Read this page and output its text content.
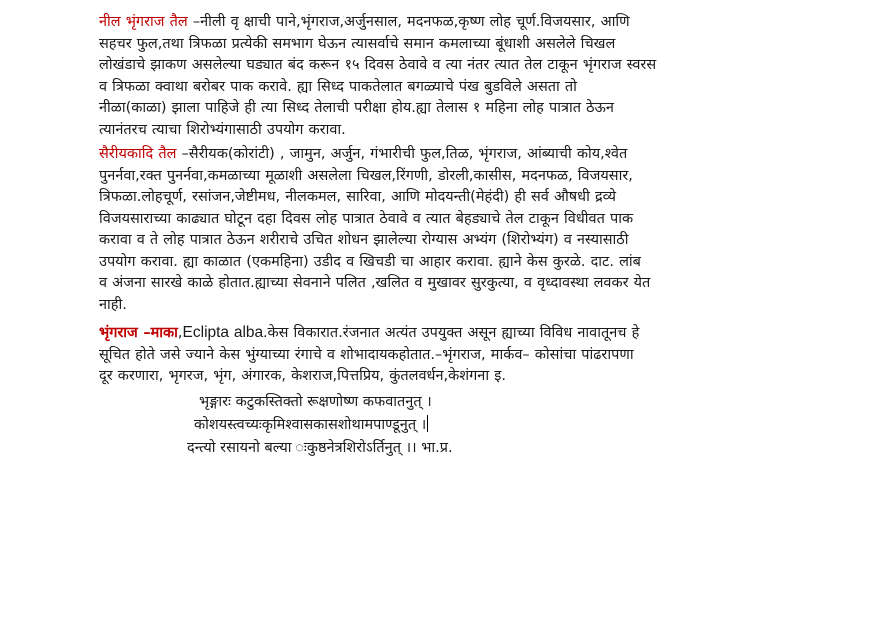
नील भृंगराज तैल –नीली वृ क्षाची पाने,भृंगराज,अर्जुनसाल, मदनफळ,कृष्ण लोह चूर्ण.विजयसार, आणि
सहचर फुल,तथा त्रिफळा प्रत्येकी समभाग घेऊन त्यासर्वाचे समान कमलाच्या बूंधाशी असलेले चिखल
लोखंडाचे झाकण असलेल्या घड्यात बंद करून १५ दिवस ठेवावे व त्या नंतर त्यात तेल टाकून भृंगराज स्वरस
व त्रिफळा क्वाथा बरोबर पाक करावे. ह्या सिध्द पाकतेलात बगळ्याचे पंख बुडविले असता तो
नीळा(काळा) झाला पाहिजे ही त्या सिध्द तेलाची परीक्षा होय.ह्या तेलास १ महिना लोह पात्रात ठेऊन
त्यानंतरच त्याचा शिरोभ्यंगासाठी उपयोग करावा.
सैरीयकादि तैल –सैरीयक(कोरांटी) , जामुन, अर्जुन, गंभारीची फुल,तिळ, भृंगराज, आंब्याची कोय,श्वेत
पुनर्नवा,रक्त पुनर्नवा,कमळाच्या मूळाशी असलेला चिखल,रिंगणी, डोरली,कासीस, मदनफळ, विजयसार,
त्रिफळा.लोहचूर्ण, रसांजन,जेष्टीमध, नीलकमल, सारिवा, आणि मोदयन्ती(मेहंदी) ही सर्व औषधी द्रव्ये
विजयसाराच्या काढ्यात घोटून दहा दिवस लोह पात्रात ठेवावे व त्यात बेहड्याचे तेल टाकून विधीवत पाक
करावा व ते लोह पात्रात ठेऊन शरीराचे उचित शोधन झालेल्या रोग्यास अभ्यंग (शिरोभ्यंग) व नस्यासाठी
उपयोग करावा. ह्या काळात (एकमहिना) उडीद व खिचडी चा आहार करावा. ह्याने केस कुरळे. दाट. लांब
व अंजना सारखे काळे होतात.ह्याच्या सेवनाने पलित ,खलित व मुखावर सुरकुत्या, व वृध्दावस्था लवकर येत
नाही.
भृंगराज –माका,Eclipta alba.केस विकारात.रंजनात अत्यंत उपयुक्त असून ह्याच्या विविध नावातूनच हे
सूचित होते जसे ज्याने केस भुंग्याच्या रंगाचे व शोभादायकहोतात.–भृंगराज, मार्कव– कोसांचा पांढरापणा
दूर करणारा, भृगरज, भृंग, अंगारक, केशराज,पित्तप्रिय, कुंतलवर्धन,केशंगना इ.
भृङ्गारः कटुकस्तिक्तो रूक्षणोष्ण कफवातनुत् ।
कोशयस्त्वच्यःकृमिश्वासकासशोथामपाण्डूनुत् ।
दन्त्यो रसायनो बल्या ःकुष्ठनेत्रशिरोऽर्तिनुत् ।। भा.प्र.
